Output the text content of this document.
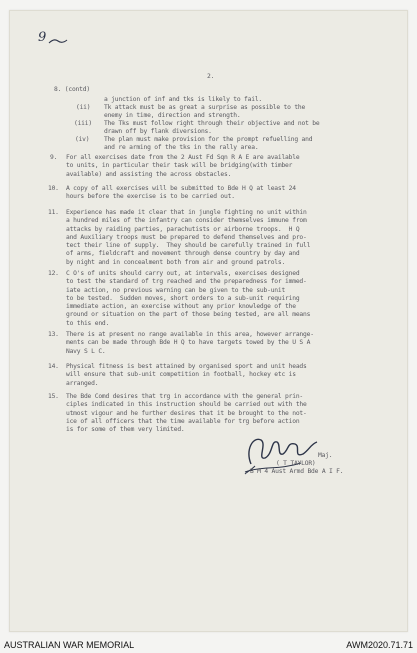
9
2.
8. (contd)
a junction of inf and tks is likely to fail.
(ii) Tk attack must be as great a surprise as possible to the
enemy in time, direction and strength.
(iii) The Tks must follow right through their objective and not be
drawn off by flank diversions.
(iv) The plan must make provision for the prompt refuelling and
and re arming of the tks in the rally area.
9. For all exercises date from the 2 Aust Fd Sqn R A E are available
to units, in particular their task will be bridging(with timber
available) and assisting the across obstacles.
10. A copy of all exercises will be submitted to Bde H Q at least 24
hours before the exercise is to be carried out.
11. Experience has made it clear that in jungle fighting no unit within
a hundred miles of the infantry can consider themselves immune from
attacks by raiding parties, parachutists or airborne troops.  H Q
and Auxiliary troops must be prepared to defend themselves and pro-
tect their line of supply.  They should be carefully trained in full
of arms, fieldcraft and movement through dense country by day and
by night and in concealment both from air and ground patrols.
12. C O's of units should carry out, at intervals, exercises designed
to test the standard of trg reached and the preparedness for immed-
iate action, no previous warning can be given to the sub-unit
to be tested.  Sudden moves, short orders to a sub-unit requiring
immediate action, an exercise without any prior knowledge of the
ground or situation on the part of those being tested, are all means
to this end.
13. There is at present no range available in this area, however arrange-
ments can be made through Bde H Q to have targets towed by the U S A
Navy S L C.
14. Physical fitness is best attained by organised sport and unit heads
will ensure that sub-unit competition in football, hockey etc is
arranged.
15. The Bde Comd desires that trg in accordance with the general prin-
ciples indicated in this instruction should be carried out with the
utmost vigour and he further desires that it be brought to the not-
ice of all officers that the time available for trg before action
is for some of them very limited.
Maj.
( T TAYLOR)
B M 4 Aust Armd Bde A I F.
AUSTRALIAN WAR MEMORIAL	AWM2020.71.71
